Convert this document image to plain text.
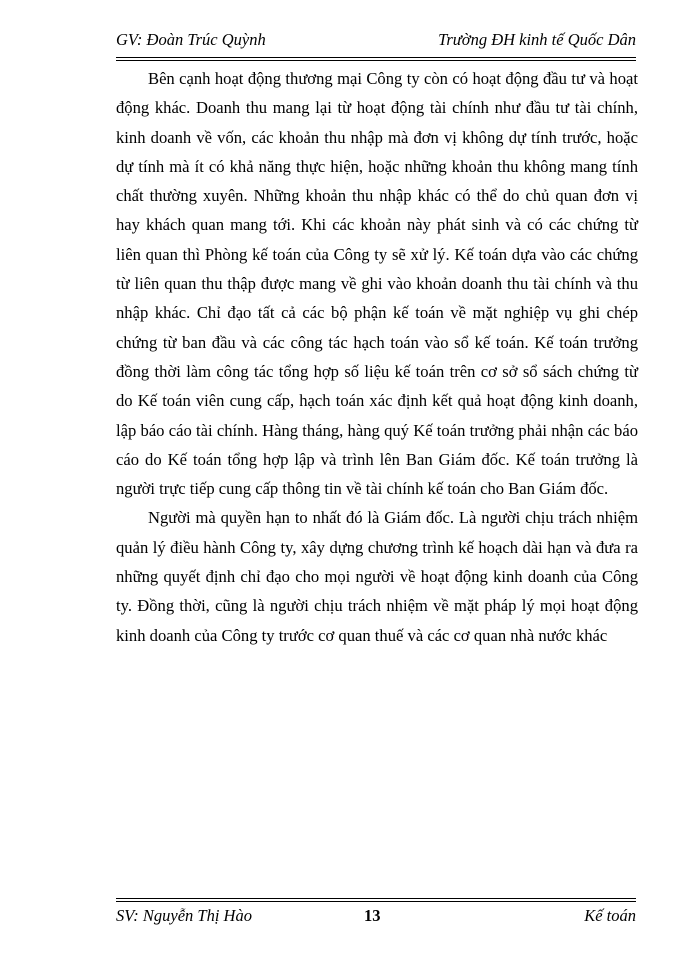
GV: Đoàn Trúc Quỳnh	Trường ĐH kinh tế Quốc Dân

Bên cạnh hoạt động thương mại Công ty còn có hoạt động đầu tư và hoạt động khác. Doanh thu mang lại từ hoạt động tài chính như đầu tư tài chính, kinh doanh về vốn, các khoản thu nhập mà đơn vị không dự tính trước, hoặc dự tính mà ít có khả năng thực hiện, hoặc những khoản thu không mang tính chất thường xuyên. Những khoản thu nhập khác có thể do chủ quan đơn vị hay khách quan mang tới. Khi các khoản này phát sinh và có các chứng từ liên quan thì Phòng kế toán của Công ty sẽ xử lý. Kế toán dựa vào các chứng từ liên quan thu thập được mang về ghi vào khoản doanh thu tài chính và thu nhập khác. Chỉ đạo tất cả các bộ phận kế toán về mặt nghiệp vụ ghi chép chứng từ ban đầu và các công tác hạch toán vào sổ kế toán. Kế toán trưởng đồng thời làm công tác tổng hợp số liệu kế toán trên cơ sở sổ sách chứng từ do Kế toán viên cung cấp, hạch toán xác định kết quả hoạt động kinh doanh, lập báo cáo tài chính. Hàng tháng, hàng quý Kế toán trưởng phải nhận các báo cáo do Kế toán tổng hợp lập và trình lên Ban Giám đốc. Kế toán trưởng là người trực tiếp cung cấp thông tin về tài chính kế toán cho Ban Giám đốc.

Người mà quyền hạn to nhất đó là Giám đốc. Là người chịu trách nhiệm quản lý điều hành Công ty, xây dựng chương trình kế hoạch dài hạn và đưa ra những quyết định chỉ đạo cho mọi người về hoạt động kinh doanh của Công ty. Đồng thời, cũng là người chịu trách nhiệm về mặt pháp lý mọi hoạt động kinh doanh của Công ty trước cơ quan thuế và các cơ quan nhà nước khác

SV: Nguyễn Thị Hào	13	Kế toán
